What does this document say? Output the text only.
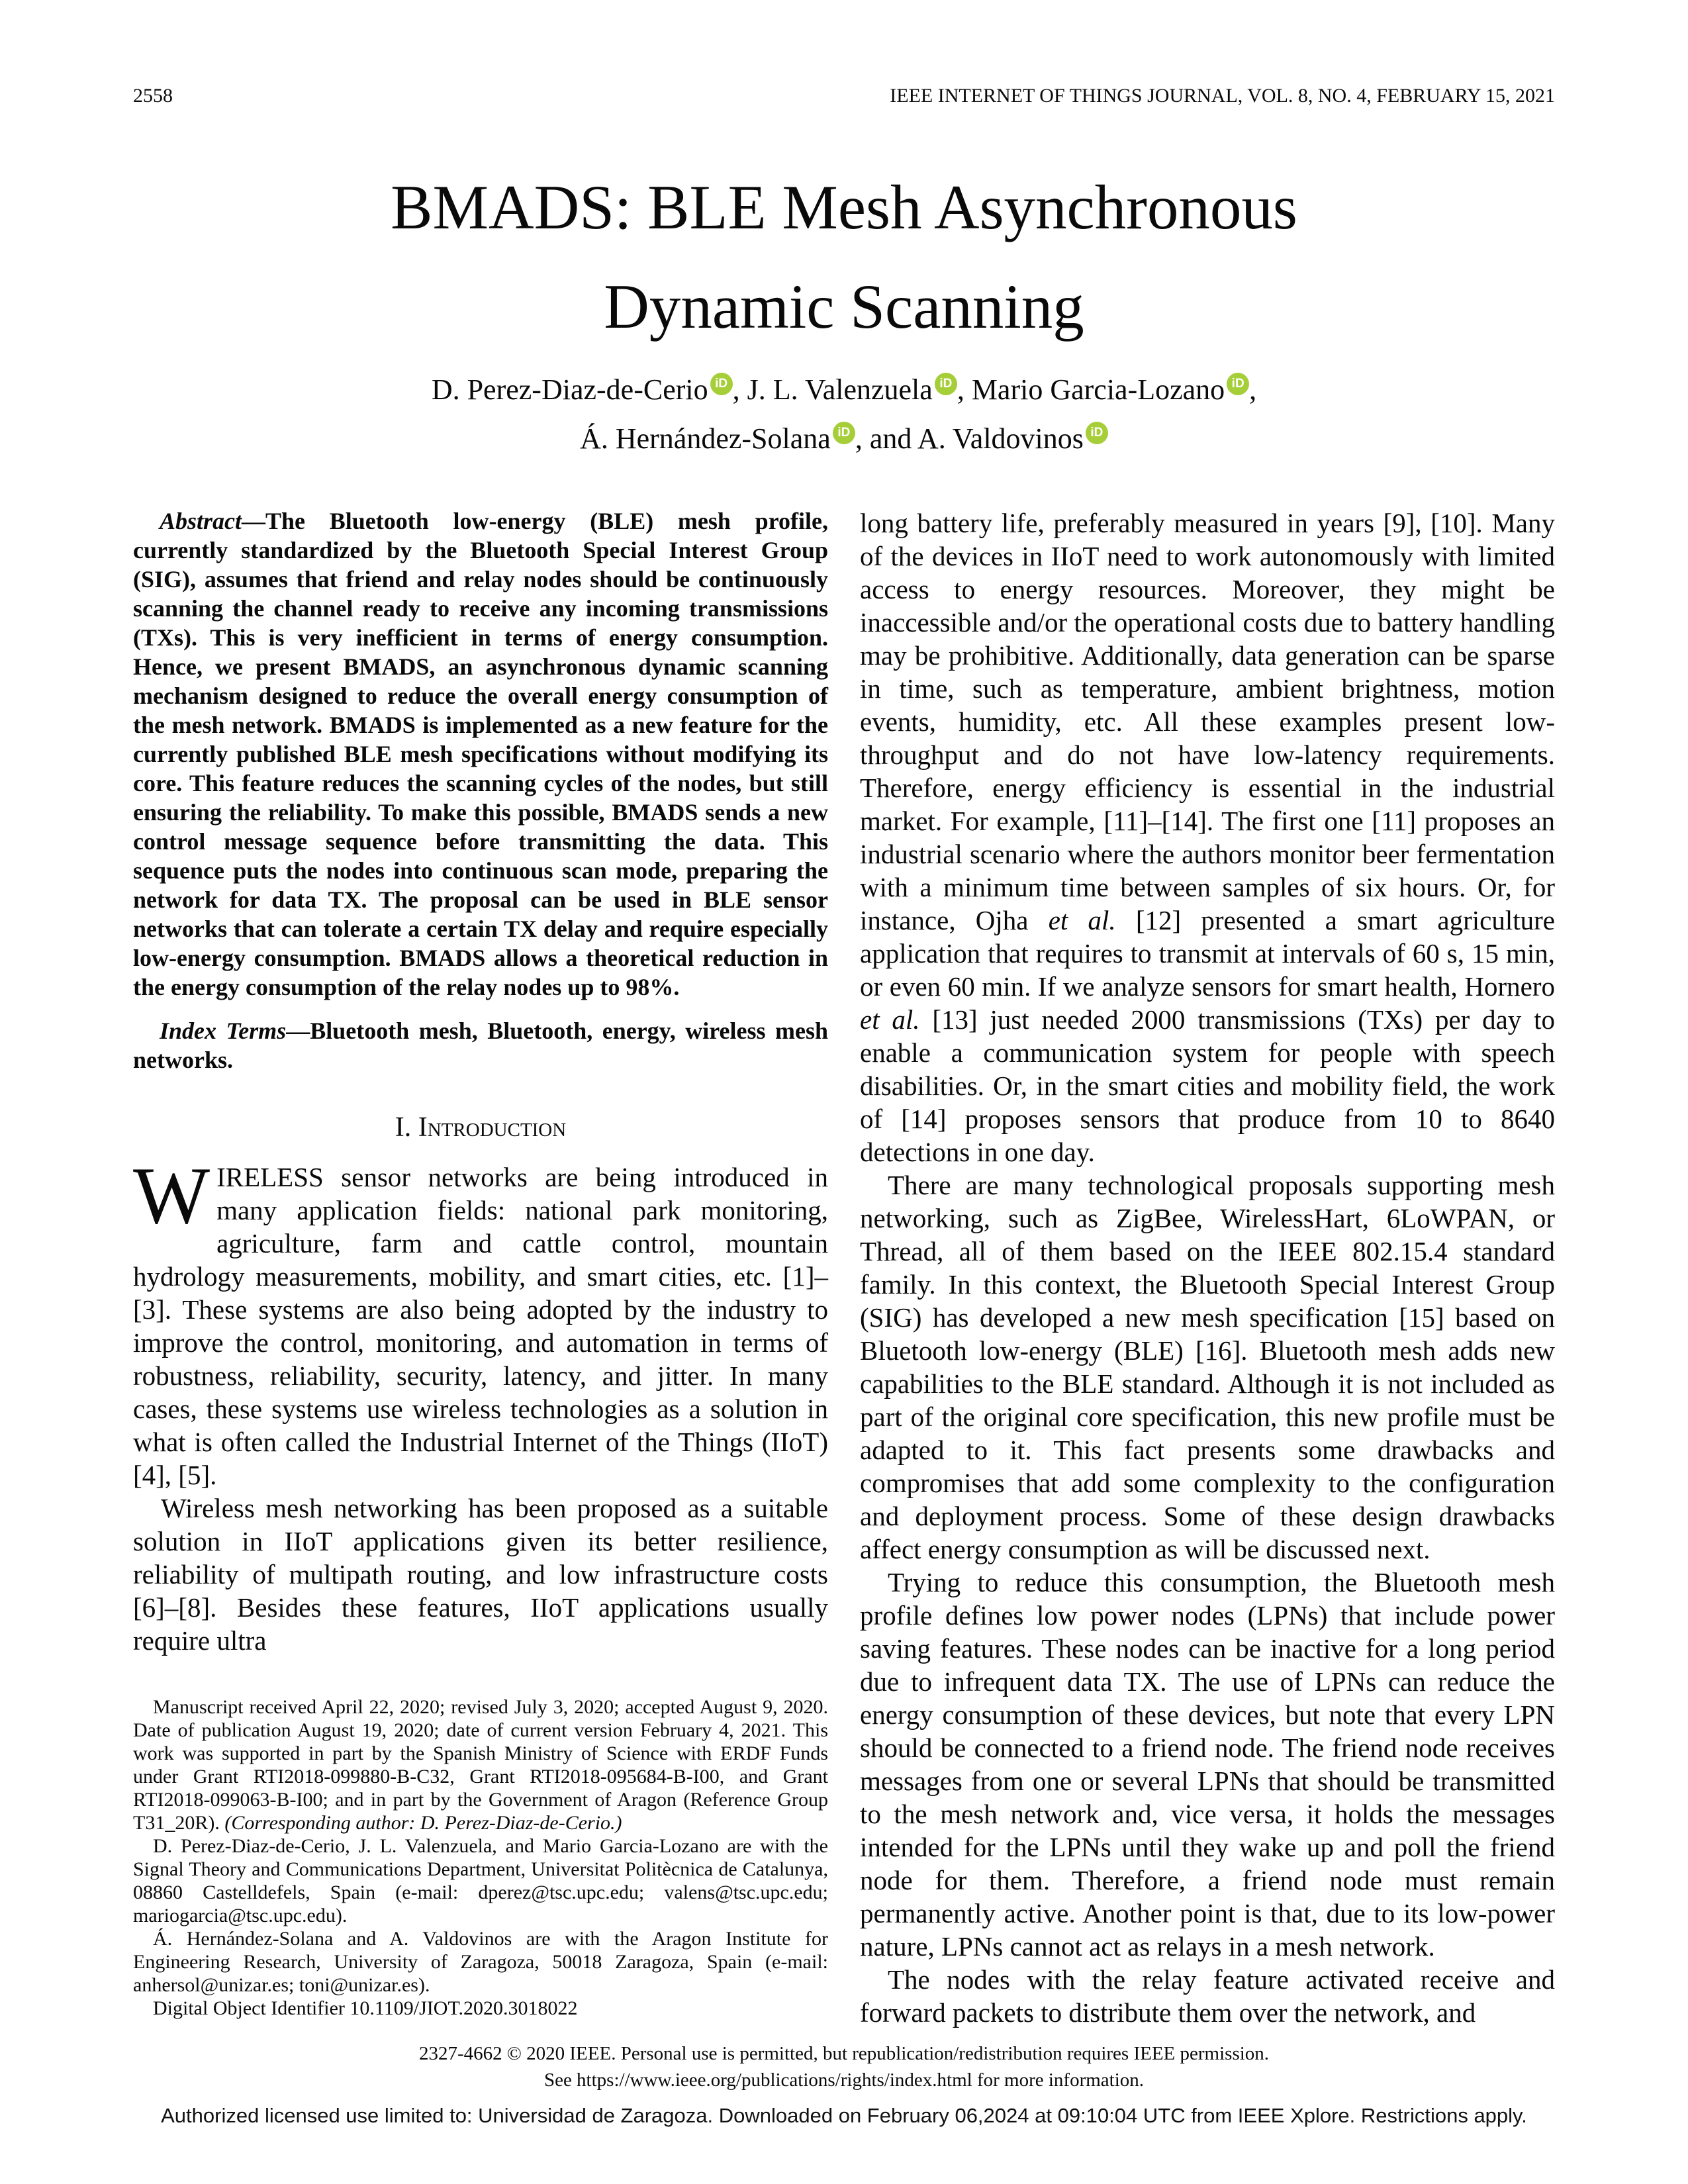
2558	IEEE INTERNET OF THINGS JOURNAL, VOL. 8, NO. 4, FEBRUARY 15, 2021
BMADS: BLE Mesh Asynchronous
Dynamic Scanning
D. Perez-Diaz-de-Cerio iD , J. L. Valenzuela iD , Mario Garcia-Lozano iD ,
Á. Hernández-Solana iD , and A. Valdovinos iD

Abstract—The Bluetooth low-energy (BLE) mesh profile, currently standardized by the Bluetooth Special Interest Group (SIG), assumes that friend and relay nodes should be continuously scanning the channel ready to receive any incoming transmissions (TXs). This is very inefficient in terms of energy consumption. Hence, we present BMADS, an asynchronous dynamic scanning mechanism designed to reduce the overall energy consumption of the mesh network. BMADS is implemented as a new feature for the currently published BLE mesh specifications without modifying its core. This feature reduces the scanning cycles of the nodes, but still ensuring the reliability. To make this possible, BMADS sends a new control message sequence before transmitting the data. This sequence puts the nodes into continuous scan mode, preparing the network for data TX. The proposal can be used in BLE sensor networks that can tolerate a certain TX delay and require especially low-energy consumption. BMADS allows a theoretical reduction in the energy consumption of the relay nodes up to 98%.

Index Terms—Bluetooth mesh, Bluetooth, energy, wireless mesh networks.

I. Introduction

WIRELESS sensor networks are being introduced in many application fields: national park monitoring, agriculture, farm and cattle control, mountain hydrology measurements, mobility, and smart cities, etc. [1]–[3]. These systems are also being adopted by the industry to improve the control, monitoring, and automation in terms of robustness, reliability, security, latency, and jitter. In many cases, these systems use wireless technologies as a solution in what is often called the Industrial Internet of the Things (IIoT) [4], [5].

Wireless mesh networking has been proposed as a suitable solution in IIoT applications given its better resilience, reliability of multipath routing, and low infrastructure costs [6]–[8]. Besides these features, IIoT applications usually require ultra

Manuscript received April 22, 2020; revised July 3, 2020; accepted August 9, 2020. Date of publication August 19, 2020; date of current version February 4, 2021. This work was supported in part by the Spanish Ministry of Science with ERDF Funds under Grant RTI2018-099880-B-C32, Grant RTI2018-095684-B-I00, and Grant RTI2018-099063-B-I00; and in part by the Government of Aragon (Reference Group T31_20R). (Corresponding author: D. Perez-Diaz-de-Cerio.)

D. Perez-Diaz-de-Cerio, J. L. Valenzuela, and Mario Garcia-Lozano are with the Signal Theory and Communications Department, Universitat Politècnica de Catalunya, 08860 Castelldefels, Spain (e-mail: dperez@tsc.upc.edu; valens@tsc.upc.edu; mariogarcia@tsc.upc.edu).

Á. Hernández-Solana and A. Valdovinos are with the Aragon Institute for Engineering Research, University of Zaragoza, 50018 Zaragoza, Spain (e-mail: anhersol@unizar.es; toni@unizar.es).

Digital Object Identifier 10.1109/JIOT.2020.3018022

long battery life, preferably measured in years [9], [10]. Many of the devices in IIoT need to work autonomously with limited access to energy resources. Moreover, they might be inaccessible and/or the operational costs due to battery handling may be prohibitive. Additionally, data generation can be sparse in time, such as temperature, ambient brightness, motion events, humidity, etc. All these examples present low-throughput and do not have low-latency requirements. Therefore, energy efficiency is essential in the industrial market. For example, [11]–[14]. The first one [11] proposes an industrial scenario where the authors monitor beer fermentation with a minimum time between samples of six hours. Or, for instance, Ojha et al. [12] presented a smart agriculture application that requires to transmit at intervals of 60 s, 15 min, or even 60 min. If we analyze sensors for smart health, Hornero et al. [13] just needed 2000 transmissions (TXs) per day to enable a communication system for people with speech disabilities. Or, in the smart cities and mobility field, the work of [14] proposes sensors that produce from 10 to 8640 detections in one day.

There are many technological proposals supporting mesh networking, such as ZigBee, WirelessHart, 6LoWPAN, or Thread, all of them based on the IEEE 802.15.4 standard family. In this context, the Bluetooth Special Interest Group (SIG) has developed a new mesh specification [15] based on Bluetooth low-energy (BLE) [16]. Bluetooth mesh adds new capabilities to the BLE standard. Although it is not included as part of the original core specification, this new profile must be adapted to it. This fact presents some drawbacks and compromises that add some complexity to the configuration and deployment process. Some of these design drawbacks affect energy consumption as will be discussed next.

Trying to reduce this consumption, the Bluetooth mesh profile defines low power nodes (LPNs) that include power saving features. These nodes can be inactive for a long period due to infrequent data TX. The use of LPNs can reduce the energy consumption of these devices, but note that every LPN should be connected to a friend node. The friend node receives messages from one or several LPNs that should be transmitted to the mesh network and, vice versa, it holds the messages intended for the LPNs until they wake up and poll the friend node for them. Therefore, a friend node must remain permanently active. Another point is that, due to its low-power nature, LPNs cannot act as relays in a mesh network.

The nodes with the relay feature activated receive and forward packets to distribute them over the network, and

2327-4662 © 2020 IEEE. Personal use is permitted, but republication/redistribution requires IEEE permission.
See https://www.ieee.org/publications/rights/index.html for more information.
Authorized licensed use limited to: Universidad de Zaragoza. Downloaded on February 06,2024 at 09:10:04 UTC from IEEE Xplore. Restrictions apply.
